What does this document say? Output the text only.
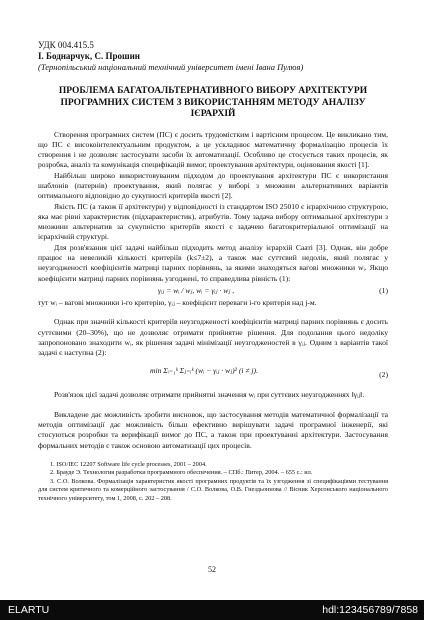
УДК 004.415.5
І. Боднарчук, С. Прошин
(Тернопільський національний технічний університет імені Івана Пулюя)
ПРОБЛЕМА БАГАТОАЛЬТЕРНАТИВНОГО ВИБОРУ АРХІТЕКТУРИ ПРОГРАМНИХ СИСТЕМ З ВИКОРИСТАННЯМ МЕТОДУ АНАЛІЗУ ІЄРАРХІЙ

Створення програмних систем (ПС) є досить трудомістким і вартісним процесом. Це викликано тим, що ПС є високоінтелектуальним продуктом, а це ускладнює математичну формалізацію процесів їх створення і не дозволяє застосувати засоби їх автоматизації. Особливо це стосується таких процесів, як розробка, аналіз та комунікація специфікацій вимог, проектування архітектури, оцінювання якості [1].

Найбільш широко використовуваним підходом до проектування архітектури ПС є використання шаблонів (патернів) проектування, який полягає у виборі з множини альтернативних варіантів оптимального відповідно до сукупності критеріїв якості [2].

Якість ПС (а також її архітектури) у відповідності із стандартом ISO 25010 є ієрархічною структурою, яка має рівні характеристик (підхарактеристик), атрибутів. Тому задача вибору оптимальної архітектури з множини альтернатив за сукупністю критеріїв якості є задачею багатокритеріальної оптимізації на ієрархічній структурі.

Для розв'язання цієї задачі найбільш підходить метод аналізу ієрархій Сааті [3]. Однак, він добре працює на невеликій кількості критеріїв (k≤7±2), а також має суттєвий недолік, який полягає у неузгодженості коефіцієнтів матриці парних порівнянь, за якими знаходяться вагові множники wᵢ. Якщо коефіцієнти матриці парних порівнянь узгоджені, то справедлива рівність (1):

γᵢⱼ = wᵢ / wⱼ, wᵢ = γᵢⱼ · wⱼ ,	(1)

тут wᵢ – вагові множники i-го критерію, γᵢⱼ – коефіцієнт переваги i-го критерія над j-м.

Однак при значній кількості критеріїв неузгодженості коефіцієнтів матриці парних порівнянь є досить суттєвими (20–30%), що не дозволяє отримати прийнятне рішення. Для подолання цього недоліку запропоновано знаходити wᵢ, як рішення задачі мінімізації неузгодженостей в γᵢⱼ. Одним з варіантів такої задачі є наступна (2):

min Σᵢ₌₁ᵏ Σⱼ₌ᵢᵏ (wᵢ − γᵢⱼ · wⱼ)² (i ≠ j).	(2)

Розв'язок цієї задачі дозволяє отримати прийнятні значення wᵢ при суттєвих неузгодженнях ‖γᵢⱼ‖.

Викладене дає можливість зробити висновок, що застосування методів математичної формалізації та методів оптимізації дає можливість більш ефективно вирішувати задачі програмної інженерії, які стосуються розробки та верифікації вимог до ПС, а також при проектуванні архітектури. Застосування формальних методів є також основою автоматизації цих процесів.

1. ISO/IEC 12207 Software life cycle processes, 2001 – 2004.
2. Брауде Э. Технология разработки программного обеспечения. – СПб.: Питер, 2004. – 655 с.: ил.
3. С.О. Волкова. Формалізація характеристик якості програмних продуктів та їх узгодження зі специфікаціями тестування для систем критичного та комерційного застосування / С.О. Волкова, О.В. Гнездьоннова // Вісник Херсонського національного технічного університету, том 1, 2008, с. 202 – 208.
52
ELARTU	hdl:123456789/7858
